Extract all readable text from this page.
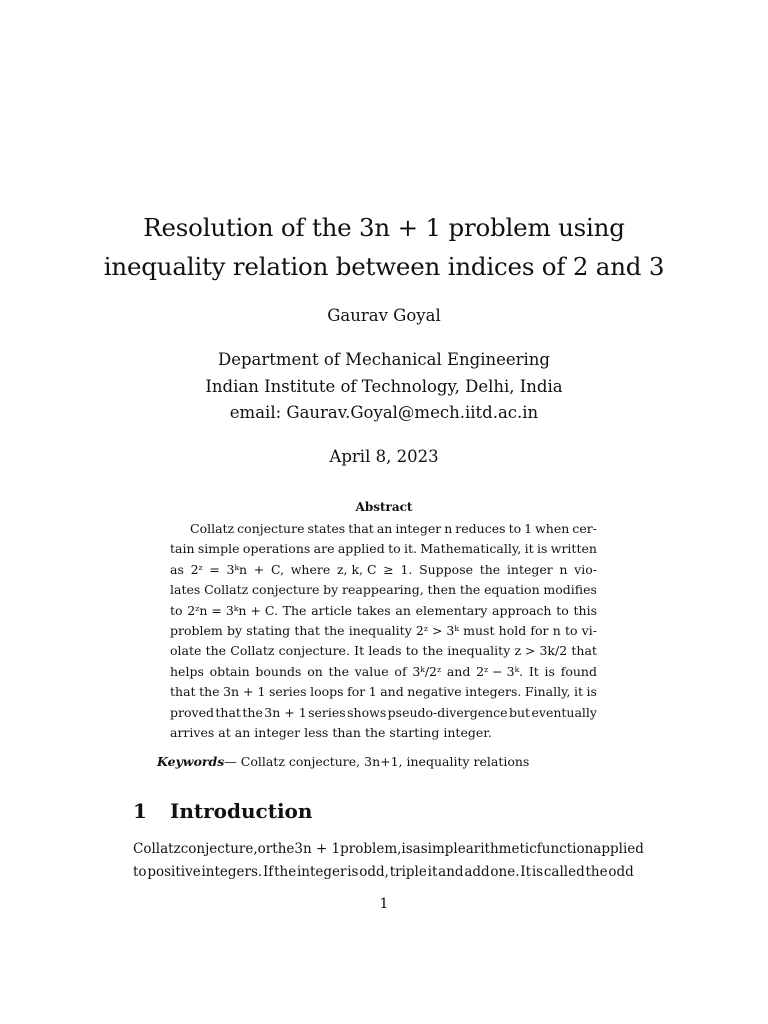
Resolution of the 3n + 1 problem using
inequality relation between indices of 2 and 3
Gaurav Goyal
Department of Mechanical Engineering
Indian Institute of Technology, Delhi, India
email: Gaurav.Goyal@mech.iitd.ac.in
April 8, 2023
Abstract
Collatz conjecture states that an integer n reduces to 1 when cer-
tain simple operations are applied to it. Mathematically, it is written
as 2ᶻ = 3ᵏn + C, where z, k, C ≥ 1. Suppose the integer n vio-
lates Collatz conjecture by reappearing, then the equation modifies
to 2ᶻn = 3ᵏn + C. The article takes an elementary approach to this
problem by stating that the inequality 2ᶻ > 3ᵏ must hold for n to vi-
olate the Collatz conjecture. It leads to the inequality z > 3k/2 that
helps obtain bounds on the value of 3ᵏ/2ᶻ and 2ᶻ − 3ᵏ. It is found
that the 3n + 1 series loops for 1 and negative integers. Finally, it is
proved that the 3n + 1 series shows pseudo-divergence but eventually
arrives at an integer less than the starting integer.
Keywords— Collatz conjecture, 3n+1, inequality relations
1 Introduction
Collatz conjecture, or the 3n + 1 problem, is a simple arithmetic function applied
to positive integers. If the integer is odd, triple it and add one. It is called the odd
1
